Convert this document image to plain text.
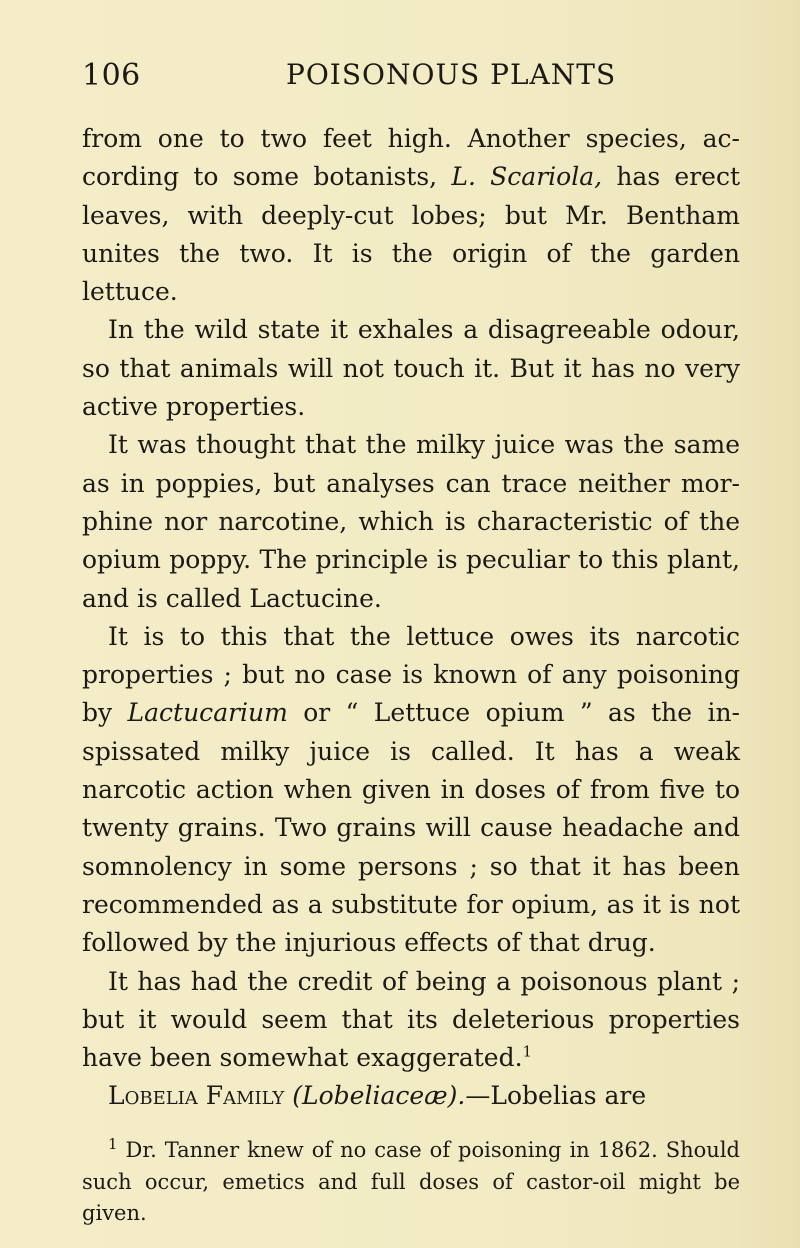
106	POISONOUS PLANTS

from one to two feet high. Another species, ac- cording to some botanists, L. Scariola, has erect leaves, with deeply-cut lobes; but Mr. Bentham unites the two. It is the origin of the garden lettuce.

In the wild state it exhales a disagreeable odour, so that animals will not touch it. But it has no very active properties.

It was thought that the milky juice was the same as in poppies, but analyses can trace neither mor- phine nor narcotine, which is characteristic of the opium poppy. The principle is peculiar to this plant, and is called Lactucine.

It is to this that the lettuce owes its narcotic properties ; but no case is known of any poisoning by Lactucarium or “ Lettuce opium ” as the in- spissated milky juice is called. It has a weak narcotic action when given in doses of from five to twenty grains. Two grains will cause headache and somnolency in some persons ; so that it has been recommended as a substitute for opium, as it is not followed by the injurious effects of that drug.

It has had the credit of being a poisonous plant ; but it would seem that its deleterious properties have been somewhat exaggerated.$^1$

Lobelia Family (Lobeliaceæ).—Lobelias are

$^1$ Dr. Tanner knew of no case of poisoning in 1862. Should such occur, emetics and full doses of castor-oil might be given.
